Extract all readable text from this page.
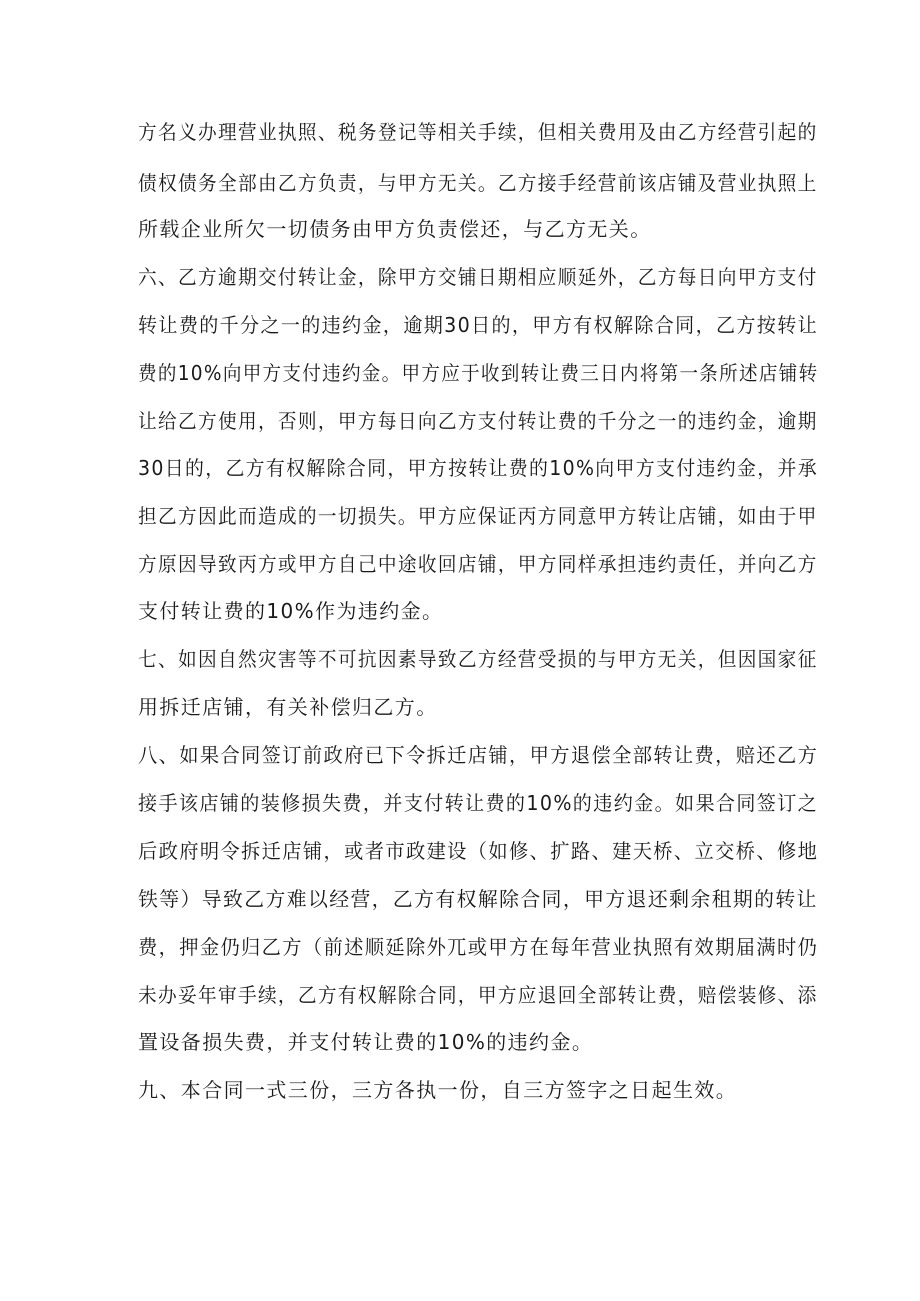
方名义办理营业执照、税务登记等相关手续，但相关费用及由乙方经营引起的
债权债务全部由乙方负责，与甲方无关。乙方接手经营前该店铺及营业执照上
所载企业所欠一切债务由甲方负责偿还，与乙方无关。
六、乙方逾期交付转让金，除甲方交铺日期相应顺延外，乙方每日向甲方支付
转让费的千分之一的违约金，逾期30日的，甲方有权解除合同，乙方按转让
费的10%向甲方支付违约金。甲方应于收到转让费三日内将第一条所述店铺转
让给乙方使用，否则，甲方每日向乙方支付转让费的千分之一的违约金，逾期
30日的，乙方有权解除合同，甲方按转让费的10%向甲方支付违约金，并承
担乙方因此而造成的一切损失。甲方应保证丙方同意甲方转让店铺，如由于甲
方原因导致丙方或甲方自己中途收回店铺，甲方同样承担违约责任，并向乙方
支付转让费的10%作为违约金。
七、如因自然灾害等不可抗因素导致乙方经营受损的与甲方无关，但因国家征
用拆迁店铺，有关补偿归乙方。
八、如果合同签订前政府已下令拆迁店铺，甲方退偿全部转让费，赔还乙方
接手该店铺的装修损失费，并支付转让费的10%的违约金。如果合同签订之
后政府明令拆迁店铺，或者市政建设（如修、扩路、建天桥、立交桥、修地
铁等）导致乙方难以经营，乙方有权解除合同，甲方退还剩余租期的转让
费，押金仍归乙方（前述顺延除外兀或甲方在每年营业执照有效期届满时仍
未办妥年审手续，乙方有权解除合同，甲方应退回全部转让费，赔偿装修、添
置设备损失费，并支付转让费的10%的违约金。
九、本合同一式三份，三方各执一份，自三方签字之日起生效。
